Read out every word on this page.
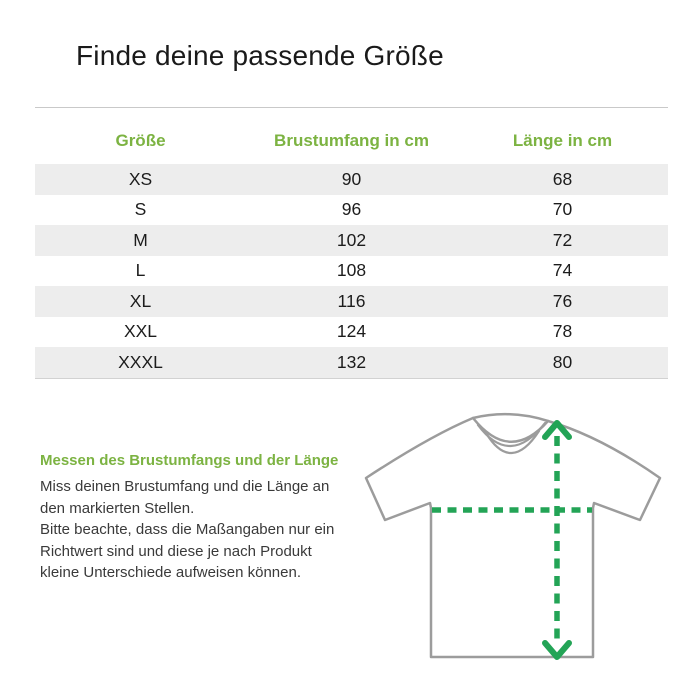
Finde deine passende Größe
Größe	Brustumfang in cm	Länge in cm
XS	90	68
S	96	70
M	102	72
L	108	74
XL	116	76
XXL	124	78
XXXL	132	80
Messen des Brustumfangs und der Länge

Miss deinen Brustumfang und die Länge an den markierten Stellen.

Bitte beachte, dass die Maßangaben nur ein Richtwert sind und diese je nach Produkt kleine Unterschiede aufweisen können.
